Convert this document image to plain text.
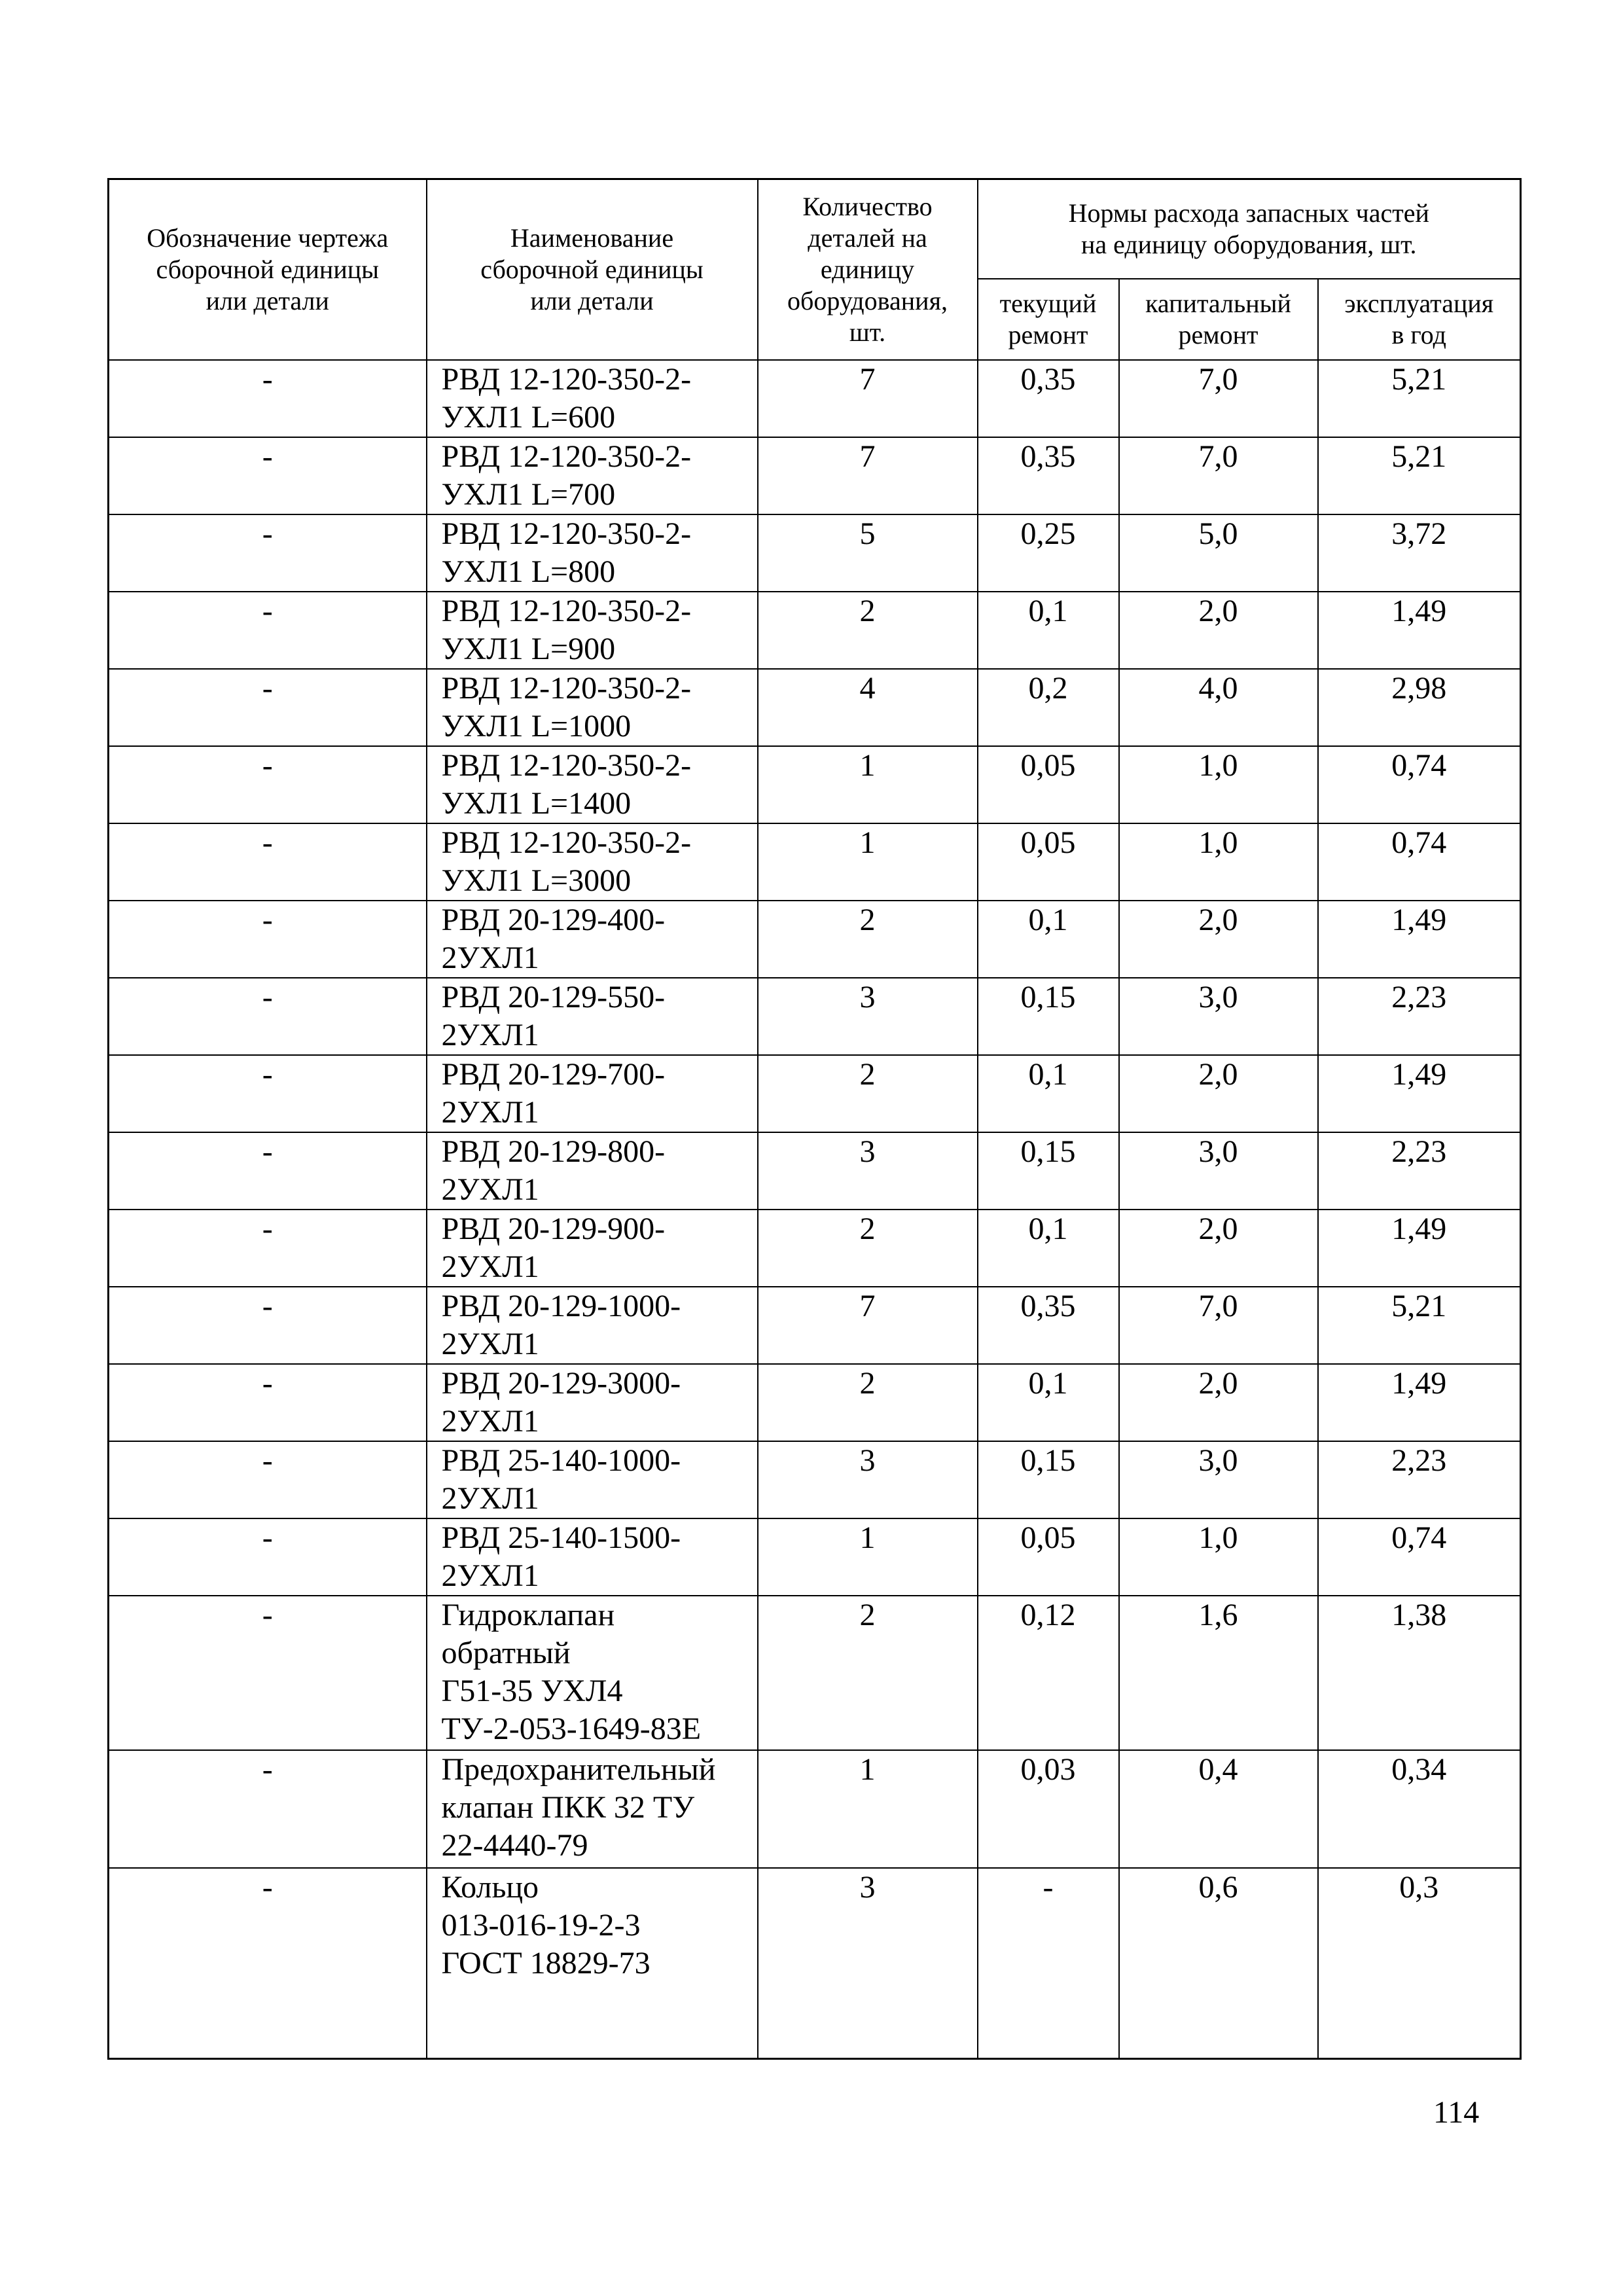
Обозначение чертежа
сборочной единицы
или детали	Наименование
сборочной единицы
или детали	Количество
деталей на
единицу
оборудования,
шт.	Нормы расхода запасных частей
на единицу оборудования, шт.		
			текущий
ремонт	капитальный
ремонт	эксплуатация
в год
-	РВД 12-120-350-2-
УХЛ1 L=600	7	0,35	7,0	5,21
-	РВД 12-120-350-2-
УХЛ1 L=700	7	0,35	7,0	5,21
-	РВД 12-120-350-2-
УХЛ1 L=800	5	0,25	5,0	3,72
-	РВД 12-120-350-2-
УХЛ1 L=900	2	0,1	2,0	1,49
-	РВД 12-120-350-2-
УХЛ1 L=1000	4	0,2	4,0	2,98
-	РВД 12-120-350-2-
УХЛ1 L=1400	1	0,05	1,0	0,74
-	РВД 12-120-350-2-
УХЛ1 L=3000	1	0,05	1,0	0,74
-	РВД 20-129-400-
2УХЛ1	2	0,1	2,0	1,49
-	РВД 20-129-550-
2УХЛ1	3	0,15	3,0	2,23
-	РВД 20-129-700-
2УХЛ1	2	0,1	2,0	1,49
-	РВД 20-129-800-
2УХЛ1	3	0,15	3,0	2,23
-	РВД 20-129-900-
2УХЛ1	2	0,1	2,0	1,49
-	РВД 20-129-1000-
2УХЛ1	7	0,35	7,0	5,21
-	РВД 20-129-3000-
2УХЛ1	2	0,1	2,0	1,49
-	РВД 25-140-1000-
2УХЛ1	3	0,15	3,0	2,23
-	РВД 25-140-1500-
2УХЛ1	1	0,05	1,0	0,74
-	Гидроклапан
обратный
Г51-35 УХЛ4
ТУ-2-053-1649-83Е	2	0,12	1,6	1,38
-	Предохранительный
клапан ПКК 32 ТУ
22-4440-79	1	0,03	0,4	0,34
-	Кольцо
013-016-19-2-3
ГОСТ 18829-73	3	-	0,6	0,3
114
